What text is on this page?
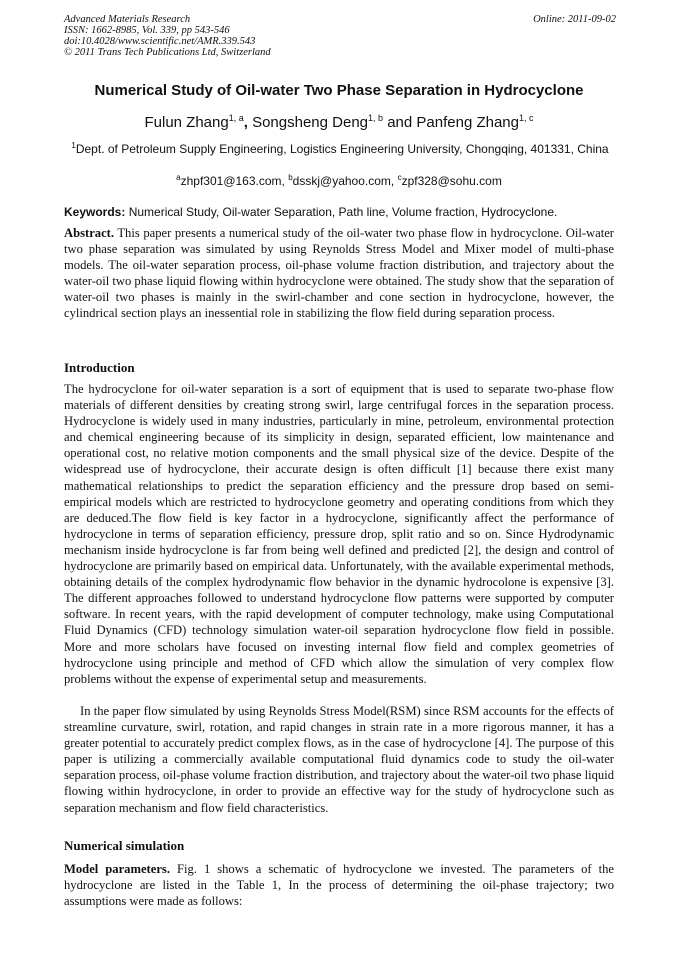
Advanced Materials Research
ISSN: 1662-8985, Vol. 339, pp 543-546
doi:10.4028/www.scientific.net/AMR.339.543
© 2011 Trans Tech Publications Ltd, Switzerland
Online: 2011-09-02
Numerical Study of Oil-water Two Phase Separation in Hydrocyclone
Fulun Zhang$^{1, a}$, Songsheng Deng$^{1, b}$ and Panfeng Zhang$^{1, c}$
$^1$Dept. of Petroleum Supply Engineering, Logistics Engineering University, Chongqing, 401331, China
$^a$zhpf301@163.com, $^b$dsskj@yahoo.com, $^c$zpf328@sohu.com
Keywords: Numerical Study, Oil-water Separation, Path line, Volume fraction, Hydrocyclone.
Abstract. This paper presents a numerical study of the oil-water two phase flow in hydrocyclone. Oil-water two phase separation was simulated by using Reynolds Stress Model and Mixer model of multi-phase models. The oil-water separation process, oil-phase volume fraction distribution, and trajectory about the water-oil two phase liquid flowing within hydrocyclone were obtained. The study show that the separation of water-oil two phases is mainly in the swirl-chamber and cone section in hydrocyclone, however, the cylindrical section plays an inessential role in stabilizing the flow field during separation process.
Introduction
The hydrocyclone for oil-water separation is a sort of equipment that is used to separate two-phase flow materials of different densities by creating strong swirl, large centrifugal forces in the separation process. Hydrocyclone is widely used in many industries, particularly in mine, petroleum, environmental protection and chemical engineering because of its simplicity in design, separated efficient, low maintenance and operational cost, no relative motion components and the small physical size of the device. Despite of the widespread use of hydrocyclone, their accurate design is often difficult [1] because there exist many mathematical relationships to predict the separation efficiency and the pressure drop based on semi-empirical models which are restricted to hydrocyclone geometry and operating conditions from which they are deduced.The flow field is key factor in a hydrocyclone, significantly affect the performance of hydrocyclone in terms of separation efficiency, pressure drop, split ratio and so on. Since Hydrodynamic mechanism inside hydrocyclone is far from being well defined and predicted [2], the design and control of hydrocyclone are primarily based on empirical data. Unfortunately, with the available experimental methods, obtaining details of the complex hydrodynamic flow behavior in the dynamic hydrocolone is expensive [3]. The different approaches followed to understand hydrocyclone flow patterns were supported by computer software. In recent years, with the rapid development of computer technology, make using Computational Fluid Dynamics (CFD) technology simulation water-oil separation hydrocyclone flow field in possible. More and more scholars have focused on investing internal flow field and complex geometries of hydrocyclone using principle and method of CFD which allow the simulation of very complex flow problems without the expense of experimental setup and measurements.
In the paper flow simulated by using Reynolds Stress Model(RSM) since RSM accounts for the effects of streamline curvature, swirl, rotation, and rapid changes in strain rate in a more rigorous manner, it has a greater potential to accurately predict complex flows, as in the case of hydrocyclone [4]. The purpose of this paper is utilizing a commercially available computational fluid dynamics code to study the oil-water separation process, oil-phase volume fraction distribution, and trajectory about the water-oil two phase liquid flowing within hydrocyclone, in order to provide an effective way for the study of hydrocyclone such as separation mechanism and flow field characteristics.
Numerical simulation
Model parameters. Fig. 1 shows a schematic of hydrocyclone we invested. The parameters of the hydrocyclone are listed in the Table 1, In the process of determining the oil-phase trajectory; two assumptions were made as follows:
